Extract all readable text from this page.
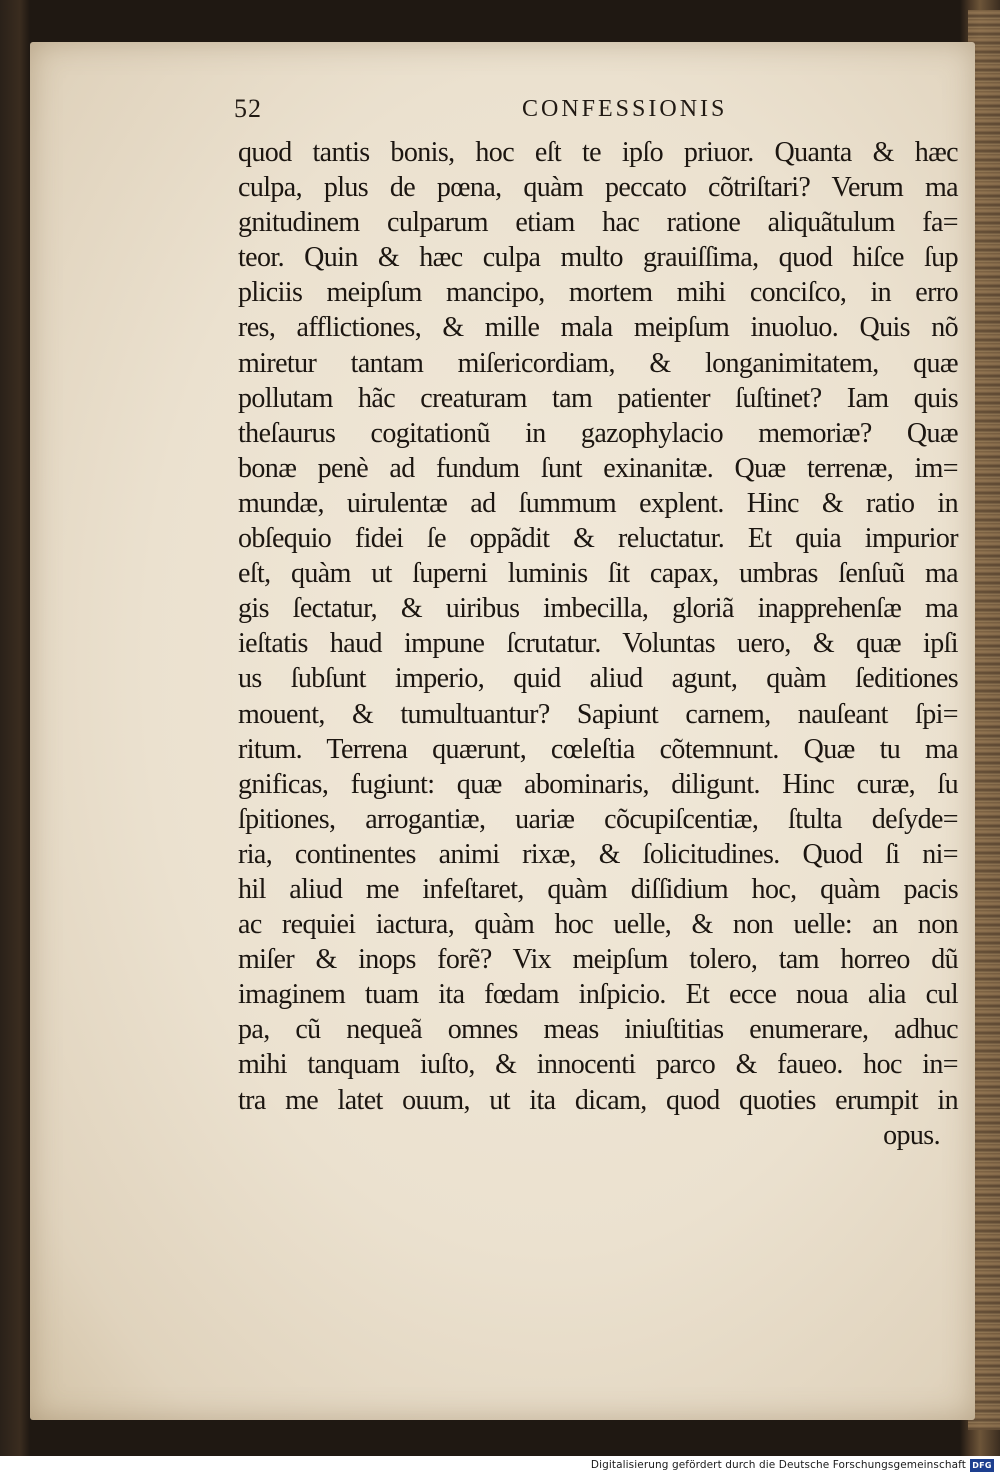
52	CONFESSIONIS
quod tantis bonis, hoc eſt te ipſo priuor. Quanta & hæc
culpa, plus de pœna, quàm peccato cõtriſtari? Verum ma
gnitudinem culparum etiam hac ratione aliquãtulum fa=
teor. Quin & hæc culpa multo grauiſſima, quod hiſce ſup
pliciis meipſum mancipo, mortem mihi conciſco, in erro
res, afflictiones, & mille mala meipſum inuoluo. Quis nõ
miretur tantam miſericordiam, & longanimitatem, quæ
pollutam hãc creaturam tam patienter ſuſtinet? Iam quis
theſaurus cogitationũ in gazophylacio memoriæ? Quæ
bonæ penè ad fundum ſunt exinanitæ. Quæ terrenæ, im=
mundæ, uirulentæ ad ſummum explent. Hinc & ratio in
obſequio fidei ſe oppãdit & reluctatur. Et quia impurior
eſt, quàm ut ſuperni luminis ſit capax, umbras ſenſuũ ma
gis ſectatur, & uiribus imbecilla, gloriã inapprehenſæ ma
ieſtatis haud impune ſcrutatur. Voluntas uero, & quæ ipſi
us ſubſunt imperio, quid aliud agunt, quàm ſeditiones
mouent, & tumultuantur? Sapiunt carnem, nauſeant ſpi=
ritum. Terrena quærunt, cœleſtia cõtemnunt. Quæ tu ma
gnificas, fugiunt: quæ abominaris, diligunt. Hinc curæ, ſu
ſpitiones, arrogantiæ, uariæ cõcupiſcentiæ, ſtulta deſydе=
ria, continentes animi rixæ, & ſolicitudines. Quod ſi ni=
hil aliud me infeſtaret, quàm diſſidium hoc, quàm pacis
ac requiei iactura, quàm hoc uelle, & non uelle: an non
miſer & inops forẽ? Vix meipſum tolero, tam horreo dũ
imaginem tuam ita fœdam inſpicio. Et ecce noua alia cul
pa, cũ nequeã omnes meas iniuſtitias enumerare, adhuc
mihi tanquam iuſto, & innocenti parco & faueo. hoc in=
tra me latet ouum, ut ita dicam, quod quoties erumpit in
opus.
Digitalisierung gefördert durch die Deutsche Forschungsgemeinschaft DFG
